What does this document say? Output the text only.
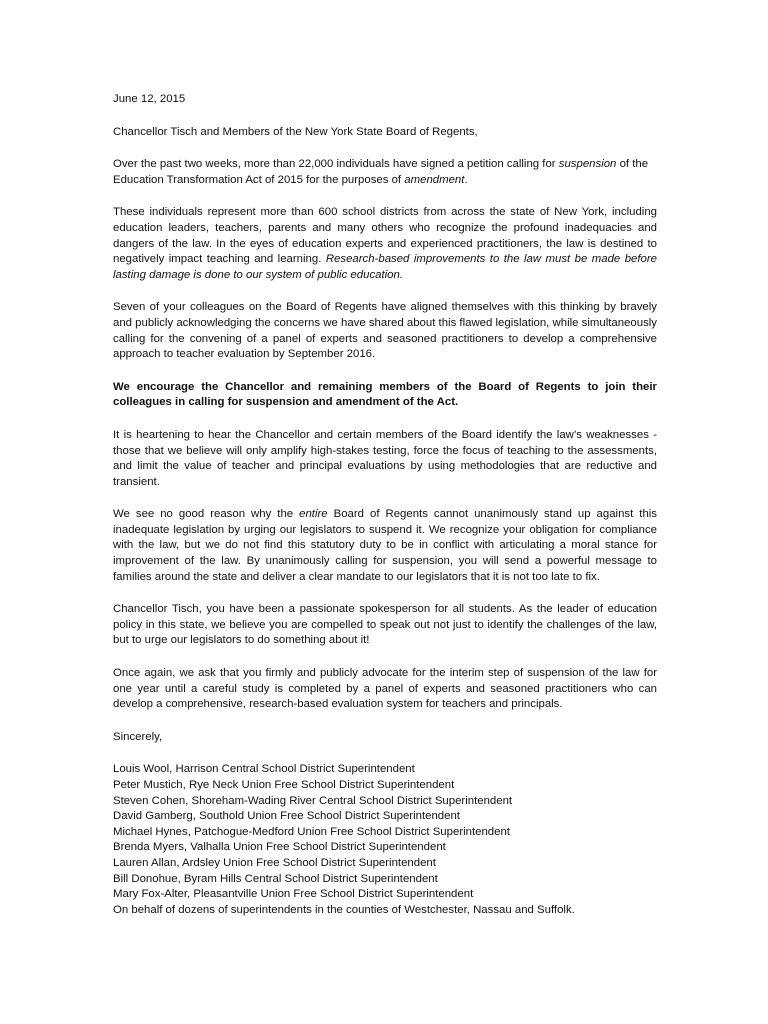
June 12, 2015

Chancellor Tisch and Members of the New York State Board of Regents,

Over the past two weeks, more than 22,000 individuals have signed a petition calling for suspension of the Education Transformation Act of 2015 for the purposes of amendment.

These individuals represent more than 600 school districts from across the state of New York, including education leaders, teachers, parents and many others who recognize the profound inadequacies and dangers of the law. In the eyes of education experts and experienced practitioners, the law is destined to negatively impact teaching and learning. Research-based improvements to the law must be made before lasting damage is done to our system of public education.

Seven of your colleagues on the Board of Regents have aligned themselves with this thinking by bravely and publicly acknowledging the concerns we have shared about this flawed legislation, while simultaneously calling for the convening of a panel of experts and seasoned practitioners to develop a comprehensive approach to teacher evaluation by September 2016.

We encourage the Chancellor and remaining members of the Board of Regents to join their colleagues in calling for suspension and amendment of the Act.

It is heartening to hear the Chancellor and certain members of the Board identify the law’s weaknesses - those that we believe will only amplify high-stakes testing, force the focus of teaching to the assessments, and limit the value of teacher and principal evaluations by using methodologies that are reductive and transient.

We see no good reason why the entire Board of Regents cannot unanimously stand up against this inadequate legislation by urging our legislators to suspend it. We recognize your obligation for compliance with the law, but we do not find this statutory duty to be in conflict with articulating a moral stance for improvement of the law. By unanimously calling for suspension, you will send a powerful message to families around the state and deliver a clear mandate to our legislators that it is not too late to fix.

Chancellor Tisch, you have been a passionate spokesperson for all students. As the leader of education policy in this state, we believe you are compelled to speak out not just to identify the challenges of the law, but to urge our legislators to do something about it!

Once again, we ask that you firmly and publicly advocate for the interim step of suspension of the law for one year until a careful study is completed by a panel of experts and seasoned practitioners who can develop a comprehensive, research-based evaluation system for teachers and principals.

Sincerely,

Louis Wool, Harrison Central School District Superintendent
Peter Mustich, Rye Neck Union Free School District Superintendent
Steven Cohen, Shoreham-Wading River Central School District Superintendent
David Gamberg, Southold Union Free School District Superintendent
Michael Hynes, Patchogue-Medford Union Free School District Superintendent
Brenda Myers, Valhalla Union Free School District Superintendent
Lauren Allan, Ardsley Union Free School District Superintendent
Bill Donohue, Byram Hills Central School District Superintendent
Mary Fox-Alter, Pleasantville Union Free School District Superintendent
On behalf of dozens of superintendents in the counties of Westchester, Nassau and Suffolk.
